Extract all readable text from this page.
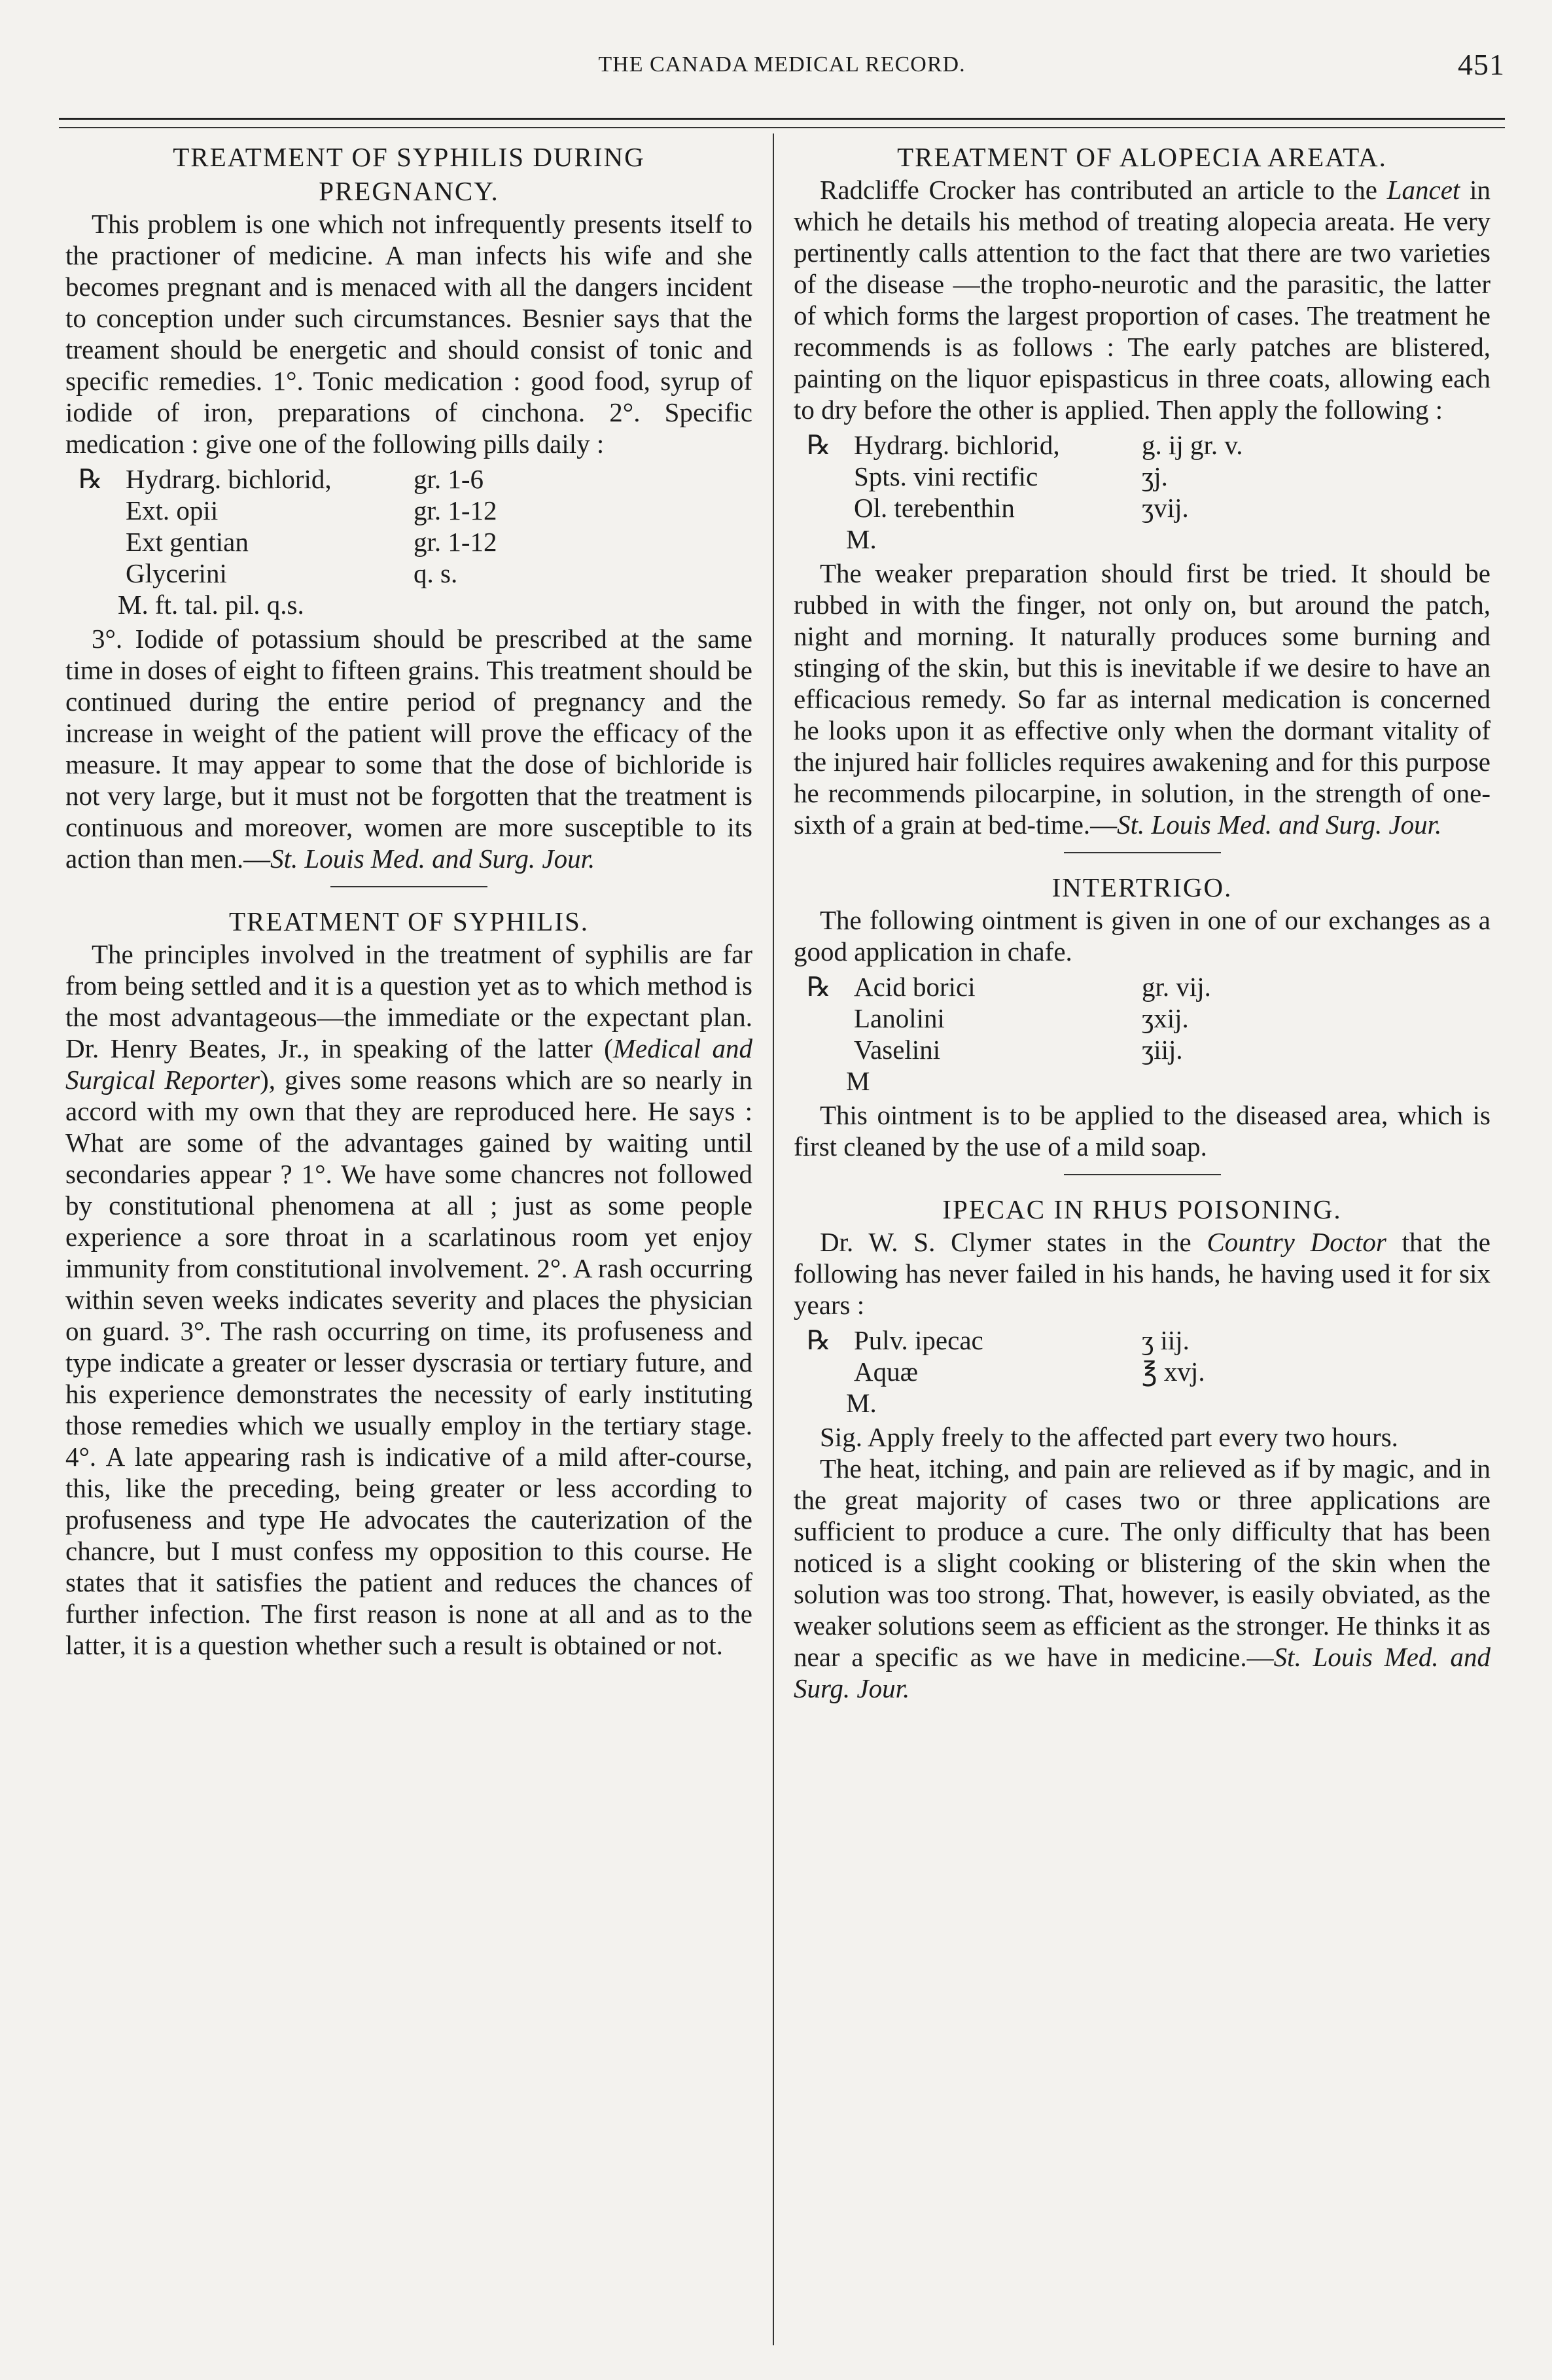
THE CANADA MEDICAL RECORD.	451
TREATMENT OF SYPHILIS DURING
PREGNANCY.

This problem is one which not infrequently presents itself to the practioner of medicine. A man infects his wife and she becomes pregnant and is menaced with all the dangers incident to conception under such circumstances. Besnier says that the treament should be energetic and should consist of tonic and specific remedies. 1°. Tonic medication : good food, syrup of iodide of iron, preparations of cinchona. 2°. Specific medication : give one of the following pills daily :

℞ Hydrarg. bichlorid,	gr. 1-6
Ext. opii	gr. 1-12
Ext gentian	gr. 1-12
Glycerini	q. s.
M. ft. tal. pil. q.s.

3°. Iodide of potassium should be prescribed at the same time in doses of eight to fifteen grains. This treatment should be continued during the entire period of pregnancy and the increase in weight of the patient will prove the efficacy of the measure. It may appear to some that the dose of bichloride is not very large, but it must not be forgotten that the treatment is continuous and moreover, women are more susceptible to its action than men.—St. Louis Med. and Surg. Jour.

TREATMENT OF SYPHILIS.

The principles involved in the treatment of syphilis are far from being settled and it is a question yet as to which method is the most advantageous—the immediate or the expectant plan. Dr. Henry Beates, Jr., in speaking of the latter (Medical and Surgical Reporter), gives some reasons which are so nearly in accord with my own that they are reproduced here. He says : What are some of the advantages gained by waiting until secondaries appear ? 1°. We have some chancres not followed by constitutional phenomena at all ; just as some people experience a sore throat in a scarlatinous room yet enjoy immunity from constitutional involvement. 2°. A rash occurring within seven weeks indicates severity and places the physician on guard. 3°. The rash occurring on time, its profuseness and type indicate a greater or lesser dyscrasia or tertiary future, and his experience demonstrates the necessity of early instituting those remedies which we usually employ in the tertiary stage. 4°. A late appearing rash is indicative of a mild after-course, this, like the preceding, being greater or less according to profuseness and type He advocates the cauterization of the chancre, but I must confess my opposition to this course. He states that it satisfies the patient and reduces the chances of further infection. The first reason is none at all and as to the latter, it is a question whether such a result is obtained or not.

TREATMENT OF ALOPECIA AREATA.

Radcliffe Crocker has contributed an article to the Lancet in which he details his method of treating alopecia areata. He very pertinently calls attention to the fact that there are two varieties of the disease —the tropho-neurotic and the parasitic, the latter of which forms the largest proportion of cases. The treatment he recommends is as follows : The early patches are blistered, painting on the liquor epispasticus in three coats, allowing each to dry before the other is applied. Then apply the following :

℞ Hydrarg. bichlorid,	g. ij gr. v.
Spts. vini rectific	ʒj.
Ol. terebenthin	ʒvij.
M.

The weaker preparation should first be tried. It should be rubbed in with the finger, not only on, but around the patch, night and morning. It naturally produces some burning and stinging of the skin, but this is inevitable if we desire to have an efficacious remedy. So far as internal medication is concerned he looks upon it as effective only when the dormant vitality of the injured hair follicles requires awakening and for this purpose he recommends pilocarpine, in solution, in the strength of one-sixth of a grain at bed-time.—St. Louis Med. and Surg. Jour.

INTERTRIGO.

The following ointment is given in one of our exchanges as a good application in chafe.

℞ Acid borici	gr. vij.
Lanolini	ʒxij.
Vaselini	ʒiij.
M

This ointment is to be applied to the diseased area, which is first cleaned by the use of a mild soap.

IPECAC IN RHUS POISONING.

Dr. W. S. Clymer states in the Country Doctor that the following has never failed in his hands, he having used it for six years :

℞ Pulv. ipecac	ʒ iij.
Aquæ	℥ xvj.
M.

Sig. Apply freely to the affected part every two hours.

The heat, itching, and pain are relieved as if by magic, and in the great majority of cases two or three applications are sufficient to produce a cure. The only difficulty that has been noticed is a slight cooking or blistering of the skin when the solution was too strong. That, however, is easily obviated, as the weaker solutions seem as efficient as the stronger. He thinks it as near a specific as we have in medicine.—St. Louis Med. and Surg. Jour.
